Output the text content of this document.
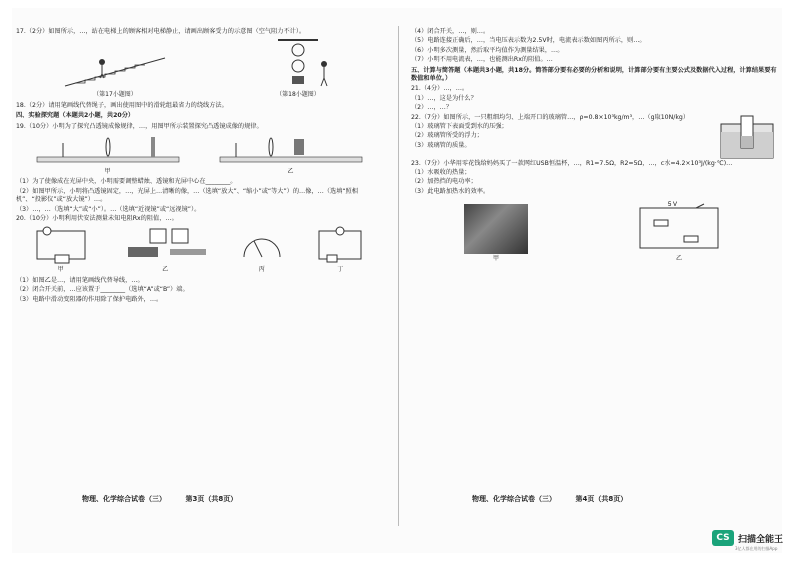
17.（2分）如图所示，…，站在电梯上的顾客相对电梯静止，请画出顾客受力的示意图（空气阻力不计）。
（第17小题图）	（第18小题图）
18.（2分）请用笔画线代替绳子，画出使用图中的滑轮组最省力的绕线方法。
四、实验探究题（本题共2小题，共20分）
19.（10分）小明为了探究凸透镜成像规律，…，用图甲所示装置探究凸透镜成像的规律。
甲	乙
（1）为了使像成在光屏中央，小明需要调整蜡烛、透镜和光屏中心在________。
（2）如图甲所示，小明将凸透镜固定，…，光屏上…清晰的像，…（选填“放大”、“缩小”或“等大”）的…像，…（选填“照相机”、“投影仪”或“放大镜”）…。
（3）…，…（选填“大”或“小”）。…（选填“近视镜”或“远视镜”）。
20.（10分）小明利用伏安法测量未知电阻Rx的阻值，…。
甲	乙	丙	丁
（1）如图乙是…，请用笔画线代替导线，…。
（2）闭合开关前，…应该置于________（选填“A”或“B”）端。
（3）电路中滑动变阻器的作用除了保护电路外，…。
物理、化学综合试卷（三）	第3页（共8页）
（4）闭合开关，…，则…。
（5）电路连接正确后，…，当电压表示数为2.5V时，电流表示数如图丙所示，则…。
（6）小明多次测量，然后取平均值作为测量结果，…。
（7）小明不用电流表，…，也能测出Rx的阻值。…
五、计算与简答题（本题共3小题，共18分。简答部分要有必要的分析和说明，计算部分要有主要公式及数据代入过程，计算结果要有数值和单位。）
21.（4分）…，…。
（1）…，这是为什么？
（2）…，…？
22.（7分）如图所示，一只粗细均匀、上端开口的玻璃管…，ρ=0.8×10³kg/m³，…（g取10N/kg）
（1）玻璃管下表面受到水的压强；
（2）玻璃管所受的浮力；
（3）玻璃管的质量。
23.（7分）小华用零花钱给妈妈买了一款网红USB恒温杯，…，R1=7.5Ω，R2=5Ω，…，c水=4.2×10³J/(kg·℃)…
（1）水吸收的热量；
（2）加热挡的电功率；
（3）此电路加热水的效率。
甲
5 V
乙
物理、化学综合试卷（三）	第4页（共8页）
CS 扫描全能王
3亿人都在用的扫描App
